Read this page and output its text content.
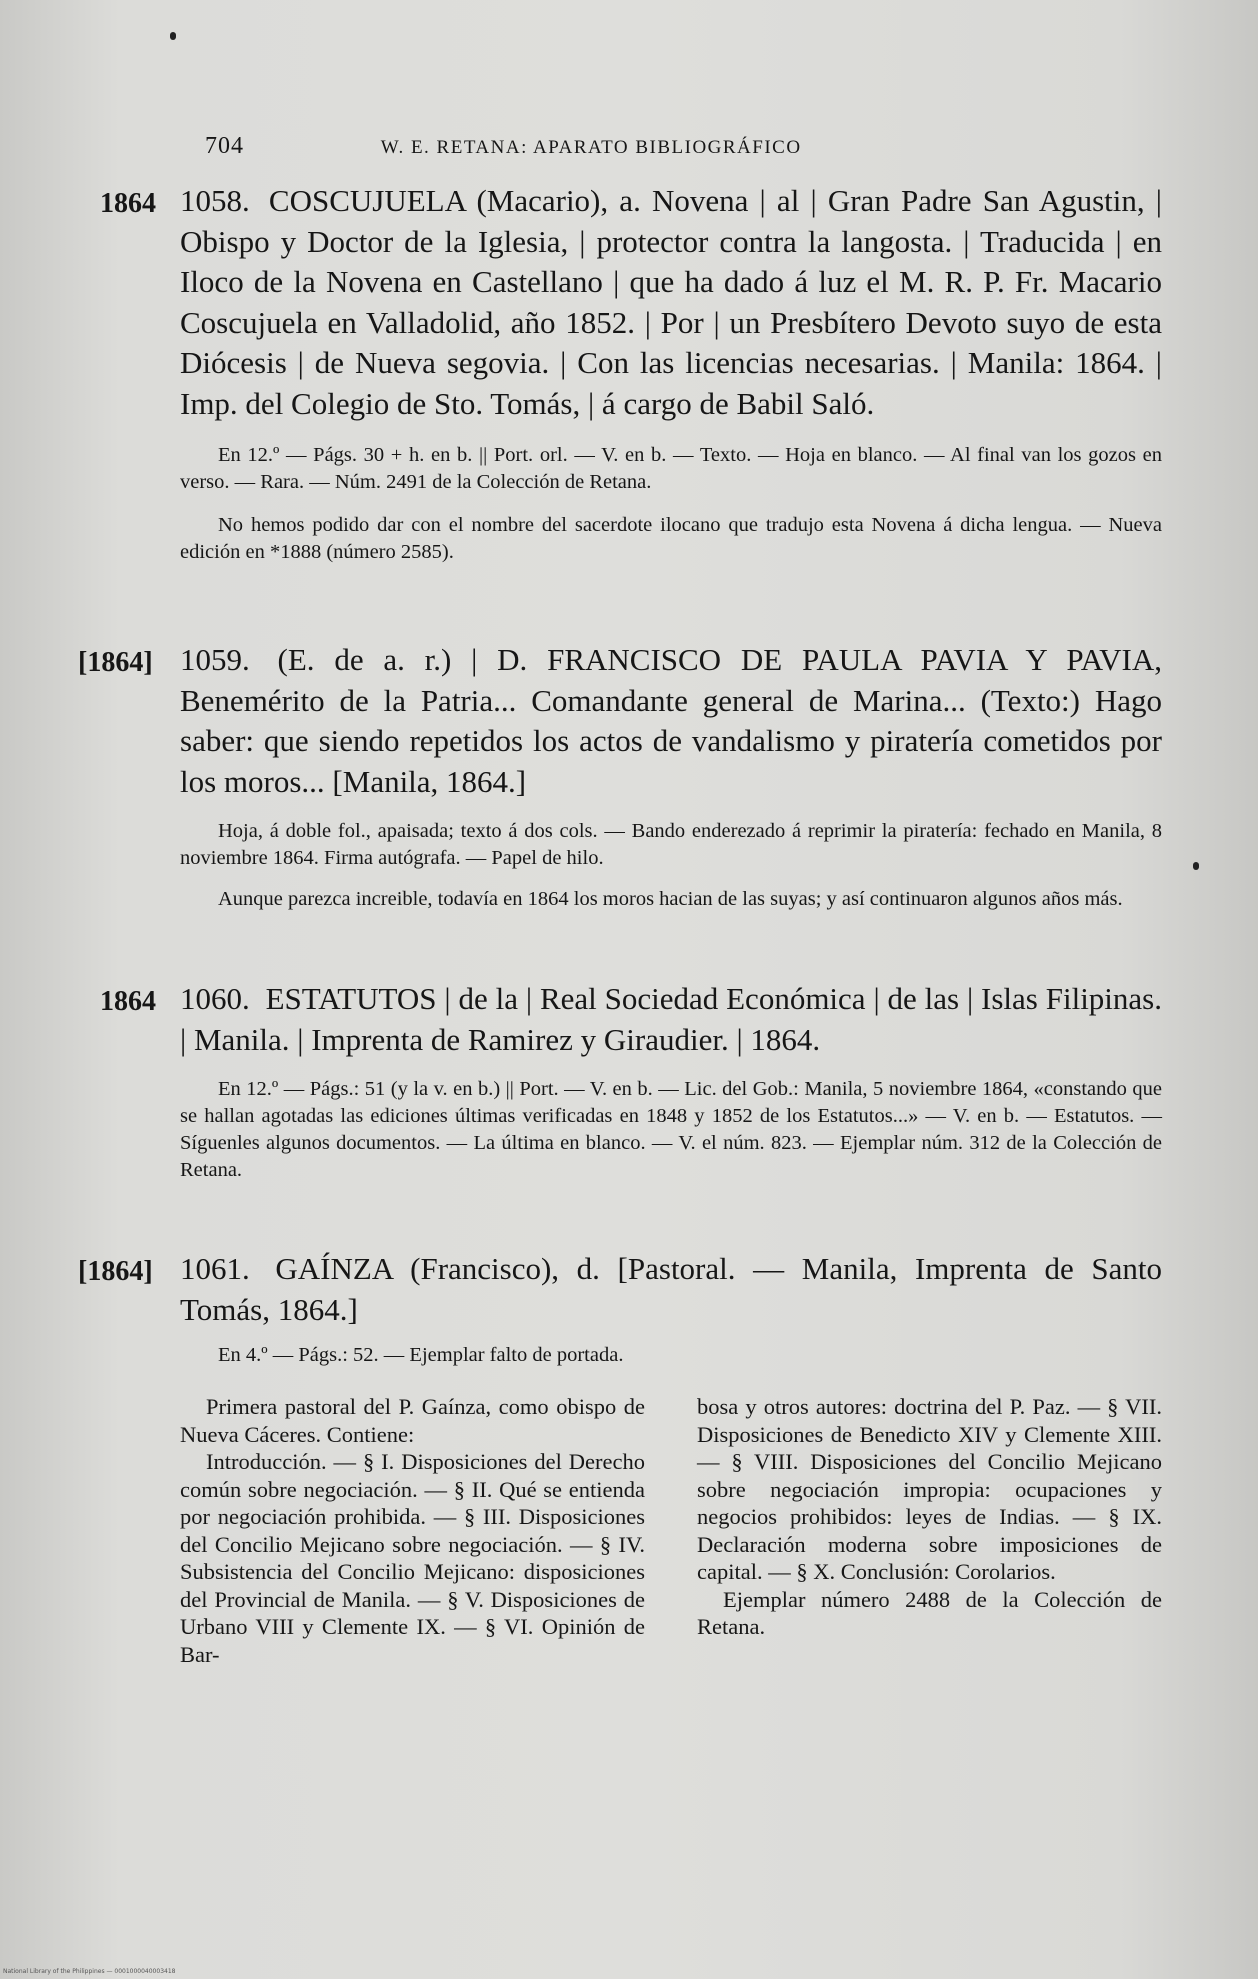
704	W. E. RETANA: APARATO BIBLIOGRÁFICO
1864 1058. COSCUJUELA (Macario), a. Novena | al | Gran Padre San Agustin, | Obispo y Doctor de la Iglesia, | protector contra la langosta. | Traducida | en Iloco de la Novena en Castellano | que ha dado á luz el M. R. P. Fr. Macario Coscujuela en Valladolid, año 1852. | Por | un Presbítero Devoto suyo de esta Diócesis | de Nueva segovia. | Con las licencias necesarias. | Manila: 1864. | Imp. del Colegio de Sto. Tomás, | á cargo de Babil Saló.
En 12.º — Págs. 30 + h. en b. || Port. orl. — V. en b. — Texto. — Hoja en blanco. — Al final van los gozos en verso. — Rara. — Núm. 2491 de la Colección de Retana.
No hemos podido dar con el nombre del sacerdote ilocano que tradujo esta Novena á dicha lengua. — Nueva edición en *1888 (número 2585).
[1864] 1059. (E. de a. r.) | D. FRANCISCO DE PAULA PAVIA Y PAVIA, Benemérito de la Patria... Comandante general de Marina... (Texto:) Hago saber: que siendo repetidos los actos de vandalismo y piratería cometidos por los moros... [Manila, 1864.]
Hoja, á doble fol., apaisada; texto á dos cols. — Bando enderezado á reprimir la piratería: fechado en Manila, 8 noviembre 1864. Firma autógrafa. — Papel de hilo.
Aunque parezca increible, todavía en 1864 los moros hacian de las suyas; y así continuaron algunos años más.
1864 1060. ESTATUTOS | de la | Real Sociedad Económica | de las | Islas Filipinas. | Manila. | Imprenta de Ramirez y Giraudier. | 1864.
En 12.º — Págs.: 51 (y la v. en b.) || Port. — V. en b. — Lic. del Gob.: Manila, 5 noviembre 1864, «constando que se hallan agotadas las ediciones últimas verificadas en 1848 y 1852 de los Estatutos...» — V. en b. — Estatutos. — Síguenles algunos documentos. — La última en blanco. — V. el núm. 823. — Ejemplar núm. 312 de la Colección de Retana.
[1864] 1061. GAÍNZA (Francisco), d. [Pastoral. — Manila, Imprenta de Santo Tomás, 1864.]
En 4.º — Págs.: 52. — Ejemplar falto de portada.

Primera pastoral del P. Gaínza, como obispo de Nueva Cáceres. Contiene:

Introducción. — § I. Disposiciones del Derecho común sobre negociación. — § II. Qué se entienda por negociación prohibida. — § III. Disposiciones del Concilio Mejicano sobre negociación. — § IV. Subsistencia del Concilio Mejicano: disposiciones del Provincial de Manila. — § V. Disposiciones de Urbano VIII y Clemente IX. — § VI. Opinión de Bar-

bosa y otros autores: doctrina del P. Paz. — § VII. Disposiciones de Benedicto XIV y Clemente XIII. — § VIII. Disposiciones del Concilio Mejicano sobre negociación impropia: ocupaciones y negocios prohibidos: leyes de Indias. — § IX. Declaración moderna sobre imposiciones de capital. — § X. Conclusión: Corolarios.

Ejemplar número 2488 de la Colección de Retana.

National Library of the Philippines — 0001000040003418
